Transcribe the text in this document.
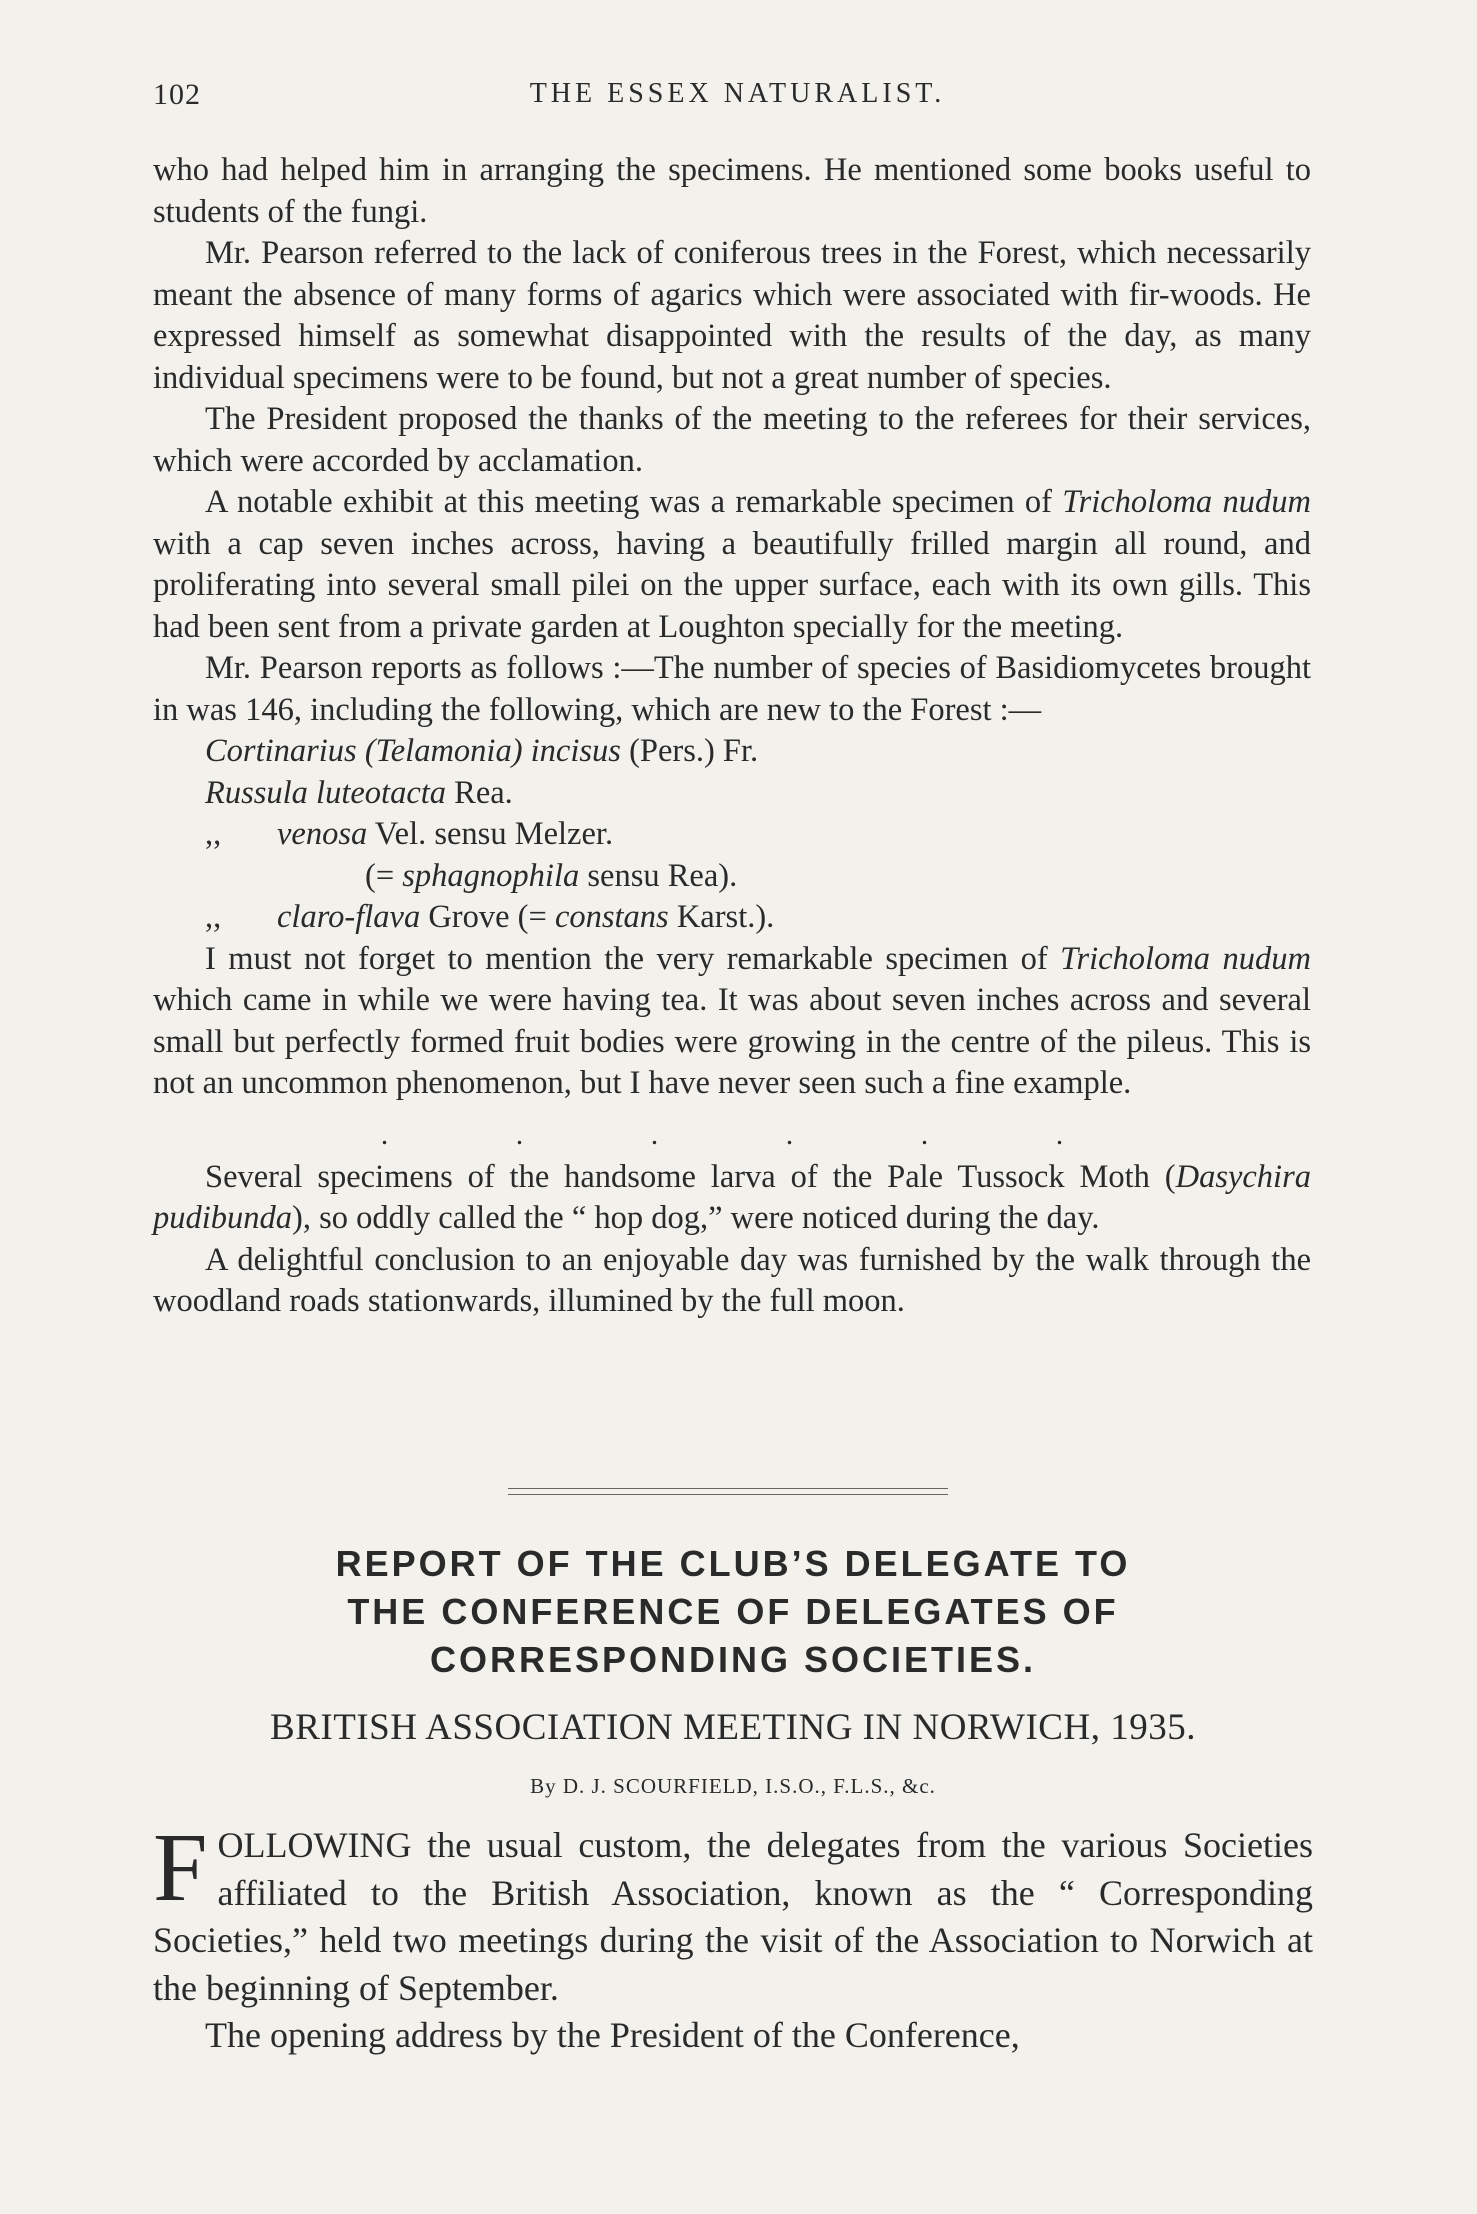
102	THE ESSEX NATURALIST.

who had helped him in arranging the specimens. He mentioned some books useful to students of the fungi.

Mr. Pearson referred to the lack of coniferous trees in the Forest, which necessarily meant the absence of many forms of agarics which were associated with fir-woods. He expressed himself as somewhat disappointed with the results of the day, as many individual specimens were to be found, but not a great number of species.

The President proposed the thanks of the meeting to the referees for their services, which were accorded by acclamation.

A notable exhibit at this meeting was a remarkable specimen of Tricholoma nudum with a cap seven inches across, having a beautifully frilled margin all round, and proliferating into several small pilei on the upper surface, each with its own gills. This had been sent from a private garden at Loughton specially for the meeting.

Mr. Pearson reports as follows :—The number of species of Basidiomycetes brought in was 146, including the following, which are new to the Forest :—

Cortinarius (Telamonia) incisus (Pers.) Fr.
Russula luteotacta Rea.
,, venosa Vel. sensu Melzer.
(= sphagnophila sensu Rea).
,, claro-flava Grove (= constans Karst.).

I must not forget to mention the very remarkable specimen of Tricholoma nudum which came in while we were having tea. It was about seven inches across and several small but perfectly formed fruit bodies were growing in the centre of the pileus. This is not an uncommon phenomenon, but I have never seen such a fine example.

. . . . . .

Several specimens of the handsome larva of the Pale Tussock Moth (Dasychira pudibunda), so oddly called the “ hop dog,” were noticed during the day.

A delightful conclusion to an enjoyable day was furnished by the walk through the woodland roads stationwards, illumined by the full moon.

REPORT OF THE CLUB’S DELEGATE TO
THE CONFERENCE OF DELEGATES OF
CORRESPONDING SOCIETIES.
BRITISH ASSOCIATION MEETING IN NORWICH, 1935.
By D. J. SCOURFIELD, I.S.O., F.L.S., &c.

FOLLOWING the usual custom, the delegates from the various Societies affiliated to the British Association, known as the “ Corresponding Societies,” held two meetings during the visit of the Association to Norwich at the beginning of September.

The opening address by the President of the Conference,
